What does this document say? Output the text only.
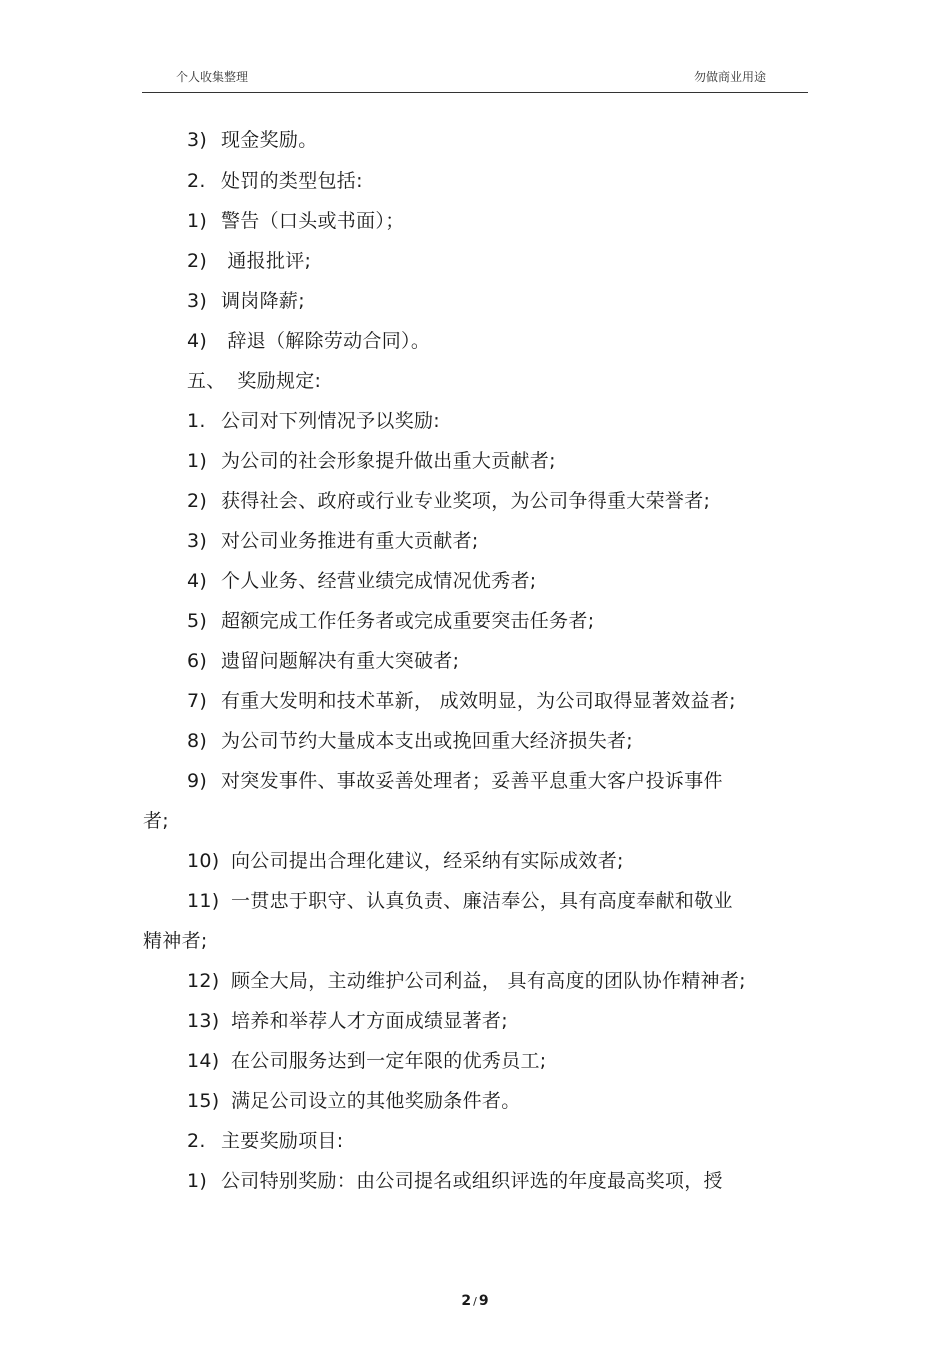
个人收集整理	勿做商业用途
3) 现金奖励。
2. 处罚的类型包括:
1) 警告（口头或书面）；
2) 通报批评;
3) 调岗降薪;
4) 辞退（解除劳动合同）。
五、 奖励规定:
1. 公司对下列情况予以奖励:
1) 为公司的社会形象提升做出重大贡献者;
2) 获得社会、政府或行业专业奖项，为公司争得重大荣誉者;
3) 对公司业务推进有重大贡献者;
4) 个人业务、经营业绩完成情况优秀者;
5) 超额完成工作任务者或完成重要突击任务者;
6) 遗留问题解决有重大突破者;
7) 有重大发明和技术革新， 成效明显，为公司取得显著效益者;
8) 为公司节约大量成本支出或挽回重大经济损失者;
9) 对突发事件、事故妥善处理者；妥善平息重大客户投诉事件
者;
10) 向公司提出合理化建议，经采纳有实际成效者;
11) 一贯忠于职守、认真负责、廉洁奉公，具有高度奉献和敬业
精神者;
12) 顾全大局，主动维护公司利益， 具有高度的团队协作精神者;
13) 培养和举荐人才方面成绩显著者;
14) 在公司服务达到一定年限的优秀员工;
15) 满足公司设立的其他奖励条件者。
2. 主要奖励项目:
1) 公司特别奖励：由公司提名或组织评选的年度最高奖项，授
2 / 9
